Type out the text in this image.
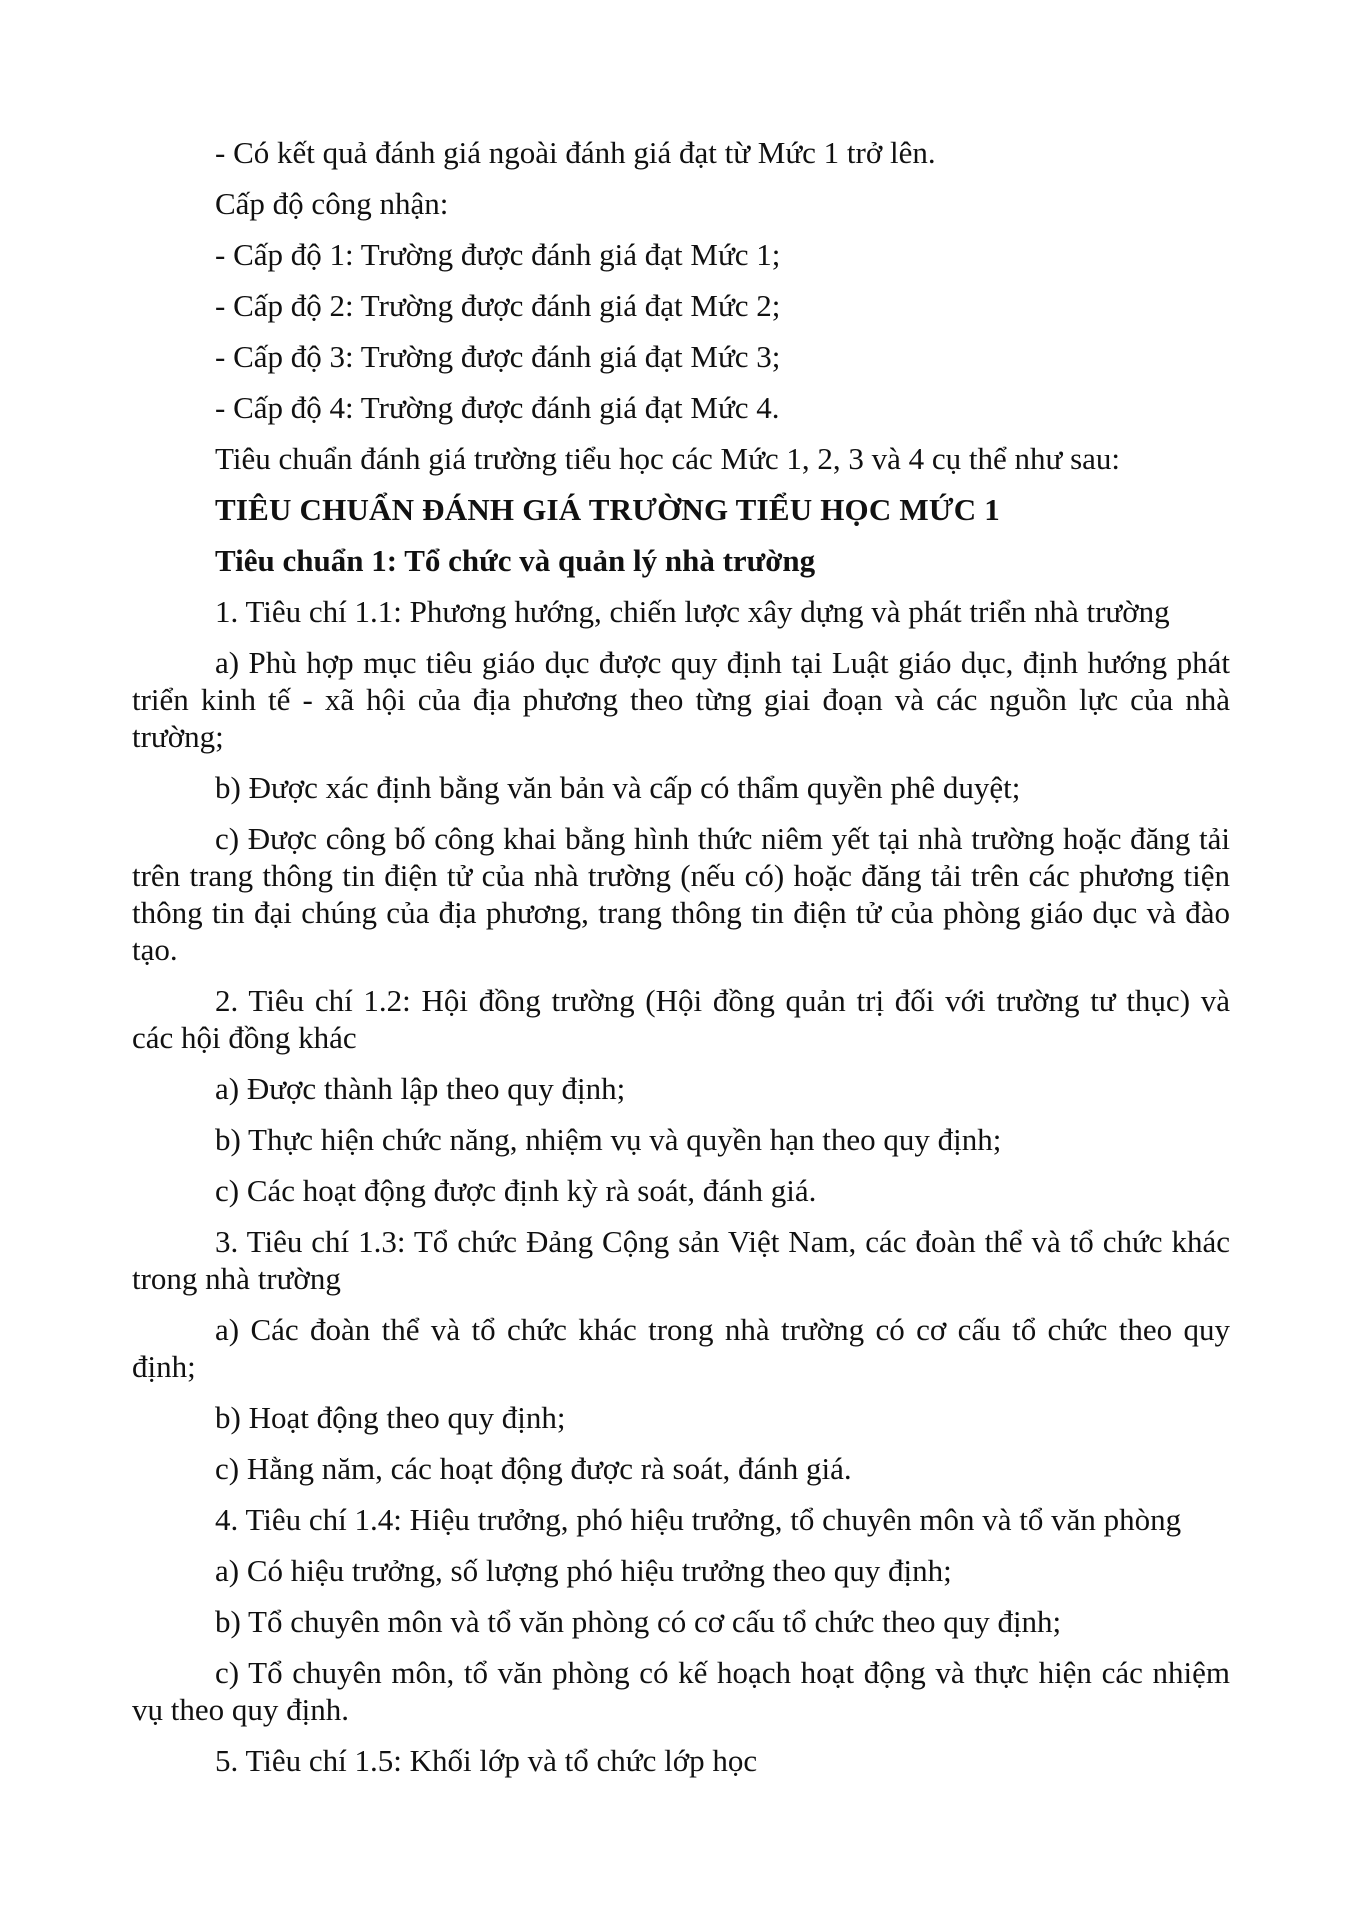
- Có kết quả đánh giá ngoài đánh giá đạt từ Mức 1 trở lên.

Cấp độ công nhận:

- Cấp độ 1: Trường được đánh giá đạt Mức 1;

- Cấp độ 2: Trường được đánh giá đạt Mức 2;

- Cấp độ 3: Trường được đánh giá đạt Mức 3;

- Cấp độ 4: Trường được đánh giá đạt Mức 4.

Tiêu chuẩn đánh giá trường tiểu học các Mức 1, 2, 3 và 4 cụ thể như sau:

TIÊU CHUẨN ĐÁNH GIÁ TRƯỜNG TIỂU HỌC MỨC 1

Tiêu chuẩn 1: Tổ chức và quản lý nhà trường

1. Tiêu chí 1.1: Phương hướng, chiến lược xây dựng và phát triển nhà trường

a) Phù hợp mục tiêu giáo dục được quy định tại Luật giáo dục, định hướng phát triển kinh tế - xã hội của địa phương theo từng giai đoạn và các nguồn lực của nhà trường;

b) Được xác định bằng văn bản và cấp có thẩm quyền phê duyệt;

c) Được công bố công khai bằng hình thức niêm yết tại nhà trường hoặc đăng tải trên trang thông tin điện tử của nhà trường (nếu có) hoặc đăng tải trên các phương tiện thông tin đại chúng của địa phương, trang thông tin điện tử của phòng giáo dục và đào tạo.

2. Tiêu chí 1.2: Hội đồng trường (Hội đồng quản trị đối với trường tư thục) và các hội đồng khác

a) Được thành lập theo quy định;

b) Thực hiện chức năng, nhiệm vụ và quyền hạn theo quy định;

c) Các hoạt động được định kỳ rà soát, đánh giá.

3. Tiêu chí 1.3: Tổ chức Đảng Cộng sản Việt Nam, các đoàn thể và tổ chức khác trong nhà trường

a) Các đoàn thể và tổ chức khác trong nhà trường có cơ cấu tổ chức theo quy định;

b) Hoạt động theo quy định;

c) Hằng năm, các hoạt động được rà soát, đánh giá.

4. Tiêu chí 1.4: Hiệu trưởng, phó hiệu trưởng, tổ chuyên môn và tổ văn phòng

a) Có hiệu trưởng, số lượng phó hiệu trưởng theo quy định;

b) Tổ chuyên môn và tổ văn phòng có cơ cấu tổ chức theo quy định;

c) Tổ chuyên môn, tổ văn phòng có kế hoạch hoạt động và thực hiện các nhiệm vụ theo quy định.

5. Tiêu chí 1.5: Khối lớp và tổ chức lớp học
